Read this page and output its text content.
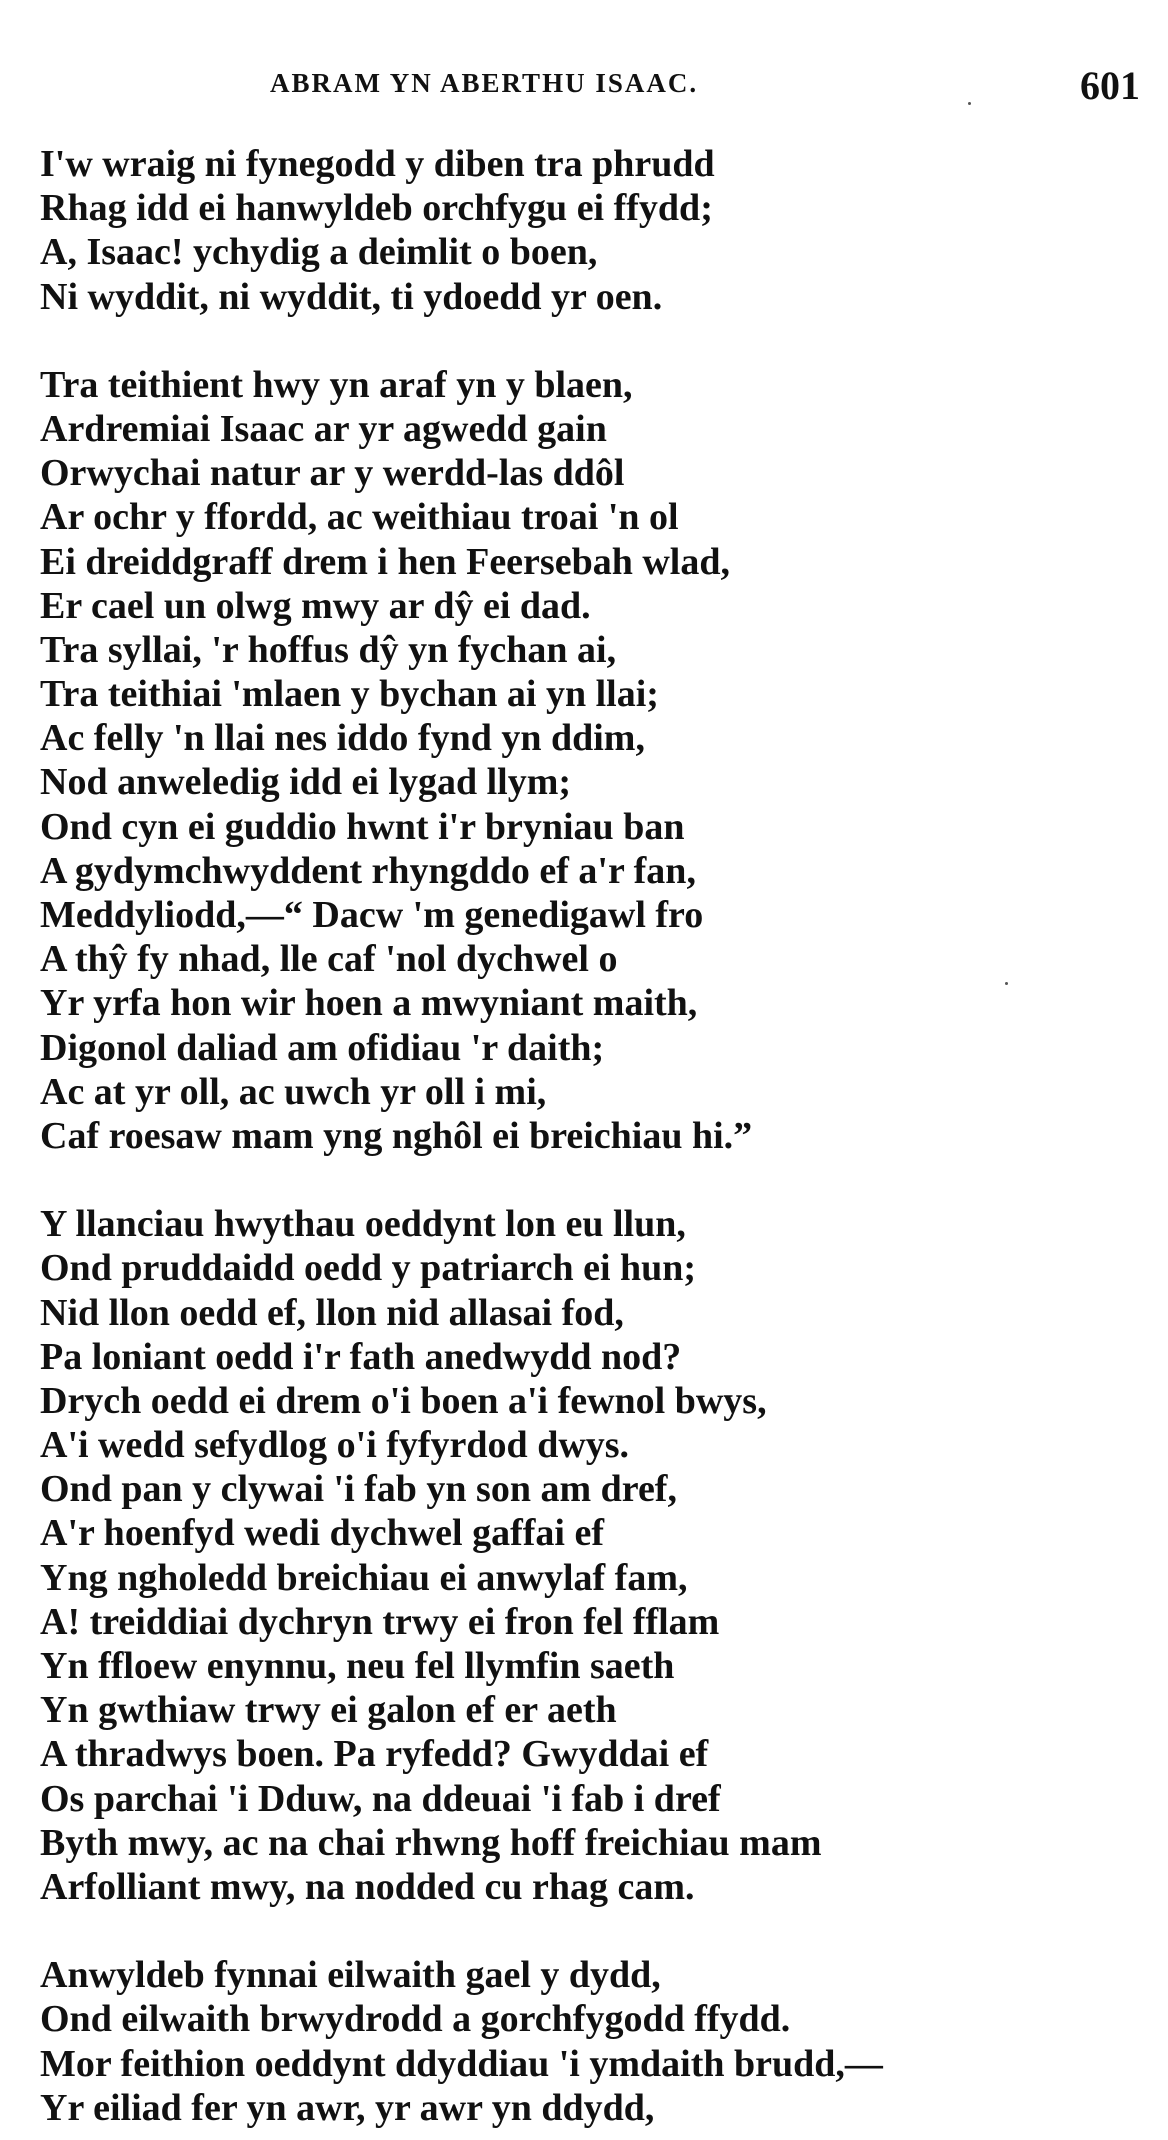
ABRAM YN ABERTHU ISAAC.	601
I'w wraig ni fynegodd y diben tra phrudd
Rhag idd ei hanwyldeb orchfygu ei ffydd;
A, Isaac! ychydig a deimlit o boen,
Ni wyddit, ni wyddit, ti ydoedd yr oen.
Tra teithient hwy yn araf yn y blaen,
Ardremiai Isaac ar yr agwedd gain
Orwychai natur ar y werdd-las ddôl
Ar ochr y ffordd, ac weithiau troai 'n ol
Ei dreiddgraff drem i hen Feersebah wlad,
Er cael un olwg mwy ar dŷ ei dad.
Tra syllai, 'r hoffus dŷ yn fychan ai,
Tra teithiai 'mlaen y bychan ai yn llai;
Ac felly 'n llai nes iddo fynd yn ddim,
Nod anweledig idd ei lygad llym;
Ond cyn ei guddio hwnt i'r bryniau ban
A gydymchwyddent rhyngddo ef a'r fan,
Meddyliodd,—“ Dacw 'm genedigawl fro
A thŷ fy nhad, lle caf 'nol dychwel o
Yr yrfa hon wir hoen a mwyniant maith,
Digonol daliad am ofidiau 'r daith;
Ac at yr oll, ac uwch yr oll i mi,
Caf roesaw mam yng nghôl ei breichiau hi.”
Y llanciau hwythau oeddynt lon eu llun,
Ond pruddaidd oedd y patriarch ei hun;
Nid llon oedd ef, llon nid allasai fod,
Pa loniant oedd i'r fath anedwydd nod?
Drych oedd ei drem o'i boen a'i fewnol bwys,
A'i wedd sefydlog o'i fyfyrdod dwys.
Ond pan y clywai 'i fab yn son am dref,
A'r hoenfyd wedi dychwel gaffai ef
Yng ngholedd breichiau ei anwylaf fam,
A! treiddiai dychryn trwy ei fron fel fflam
Yn ffloew enynnu, neu fel llymfin saeth
Yn gwthiaw trwy ei galon ef er aeth
A thradwys boen. Pa ryfedd? Gwyddai ef
Os parchai 'i Dduw, na ddeuai 'i fab i dref
Byth mwy, ac na chai rhwng hoff freichiau mam
Arfolliant mwy, na nodded cu rhag cam.
Anwyldeb fynnai eilwaith gael y dydd,
Ond eilwaith brwydrodd a gorchfygodd ffydd.
Mor feithion oeddynt ddyddiau 'i ymdaith brudd,—
Yr eiliad fer yn awr, yr awr yn ddydd,
